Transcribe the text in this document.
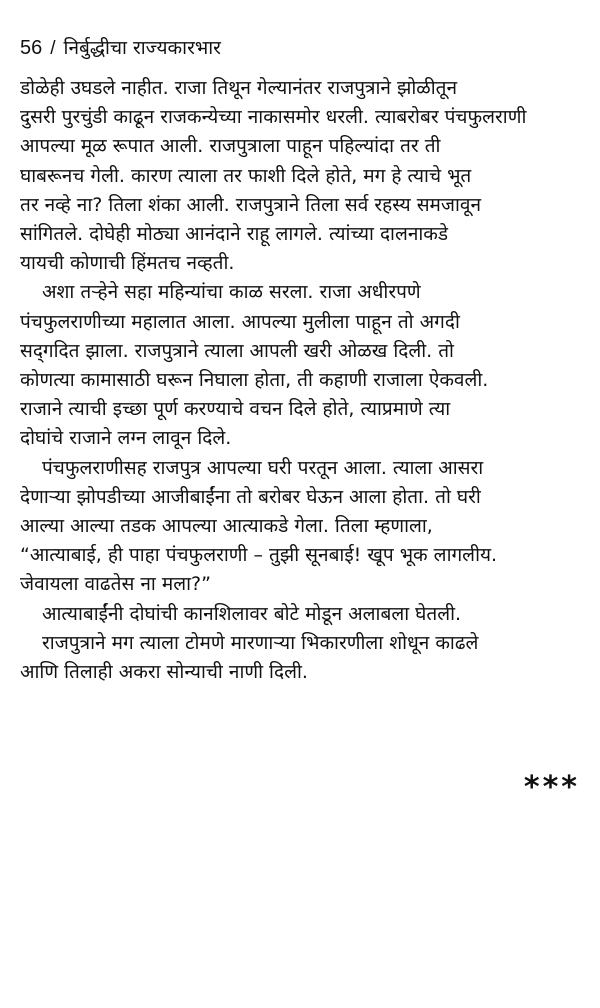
56 / निर्बुद्धीचा राज्यकारभार

डोळेही उघडले नाहीत. राजा तिथून गेल्यानंतर राजपुत्राने झोळीतून
दुसरी पुरचुंडी काढून राजकन्येच्या नाकासमोर धरली. त्याबरोबर पंचफुलराणी
आपल्या मूळ रूपात आली. राजपुत्राला पाहून पहिल्यांदा तर ती
घाबरूनच गेली. कारण त्याला तर फाशी दिले होते, मग हे त्याचे भूत
तर नव्हे ना? तिला शंका आली. राजपुत्राने तिला सर्व रहस्य समजावून
सांगितले. दोघेही मोठ्या आनंदाने राहू लागले. त्यांच्या दालनाकडे
यायची कोणाची हिंमतच नव्हती.

अशा तऱ्हेने सहा महिन्यांचा काळ सरला. राजा अधीरपणे
पंचफुलराणीच्या महालात आला. आपल्या मुलीला पाहून तो अगदी
सद्‌गदित झाला. राजपुत्राने त्याला आपली खरी ओळख दिली. तो
कोणत्या कामासाठी घरून निघाला होता, ती कहाणी राजाला ऐकवली.
राजाने त्याची इच्छा पूर्ण करण्याचे वचन दिले होते, त्याप्रमाणे त्या
दोघांचे राजाने लग्न लावून दिले.

पंचफुलराणीसह राजपुत्र आपल्या घरी परतून आला. त्याला आसरा
देणाऱ्या झोपडीच्या आजीबाईंना तो बरोबर घेऊन आला होता. तो घरी
आल्या आल्या तडक आपल्या आत्याकडे गेला. तिला म्हणाला,
“आत्याबाई, ही पाहा पंचफुलराणी – तुझी सूनबाई! खूप भूक लागलीय.
जेवायला वाढतेस ना मला?”

आत्याबाईंनी दोघांची कानशिलावर बोटे मोडून अलाबला घेतली.

राजपुत्राने मग त्याला टोमणे मारणाऱ्या भिकारणीला शोधून काढले
आणि तिलाही अकरा सोन्याची नाणी दिली.

***
